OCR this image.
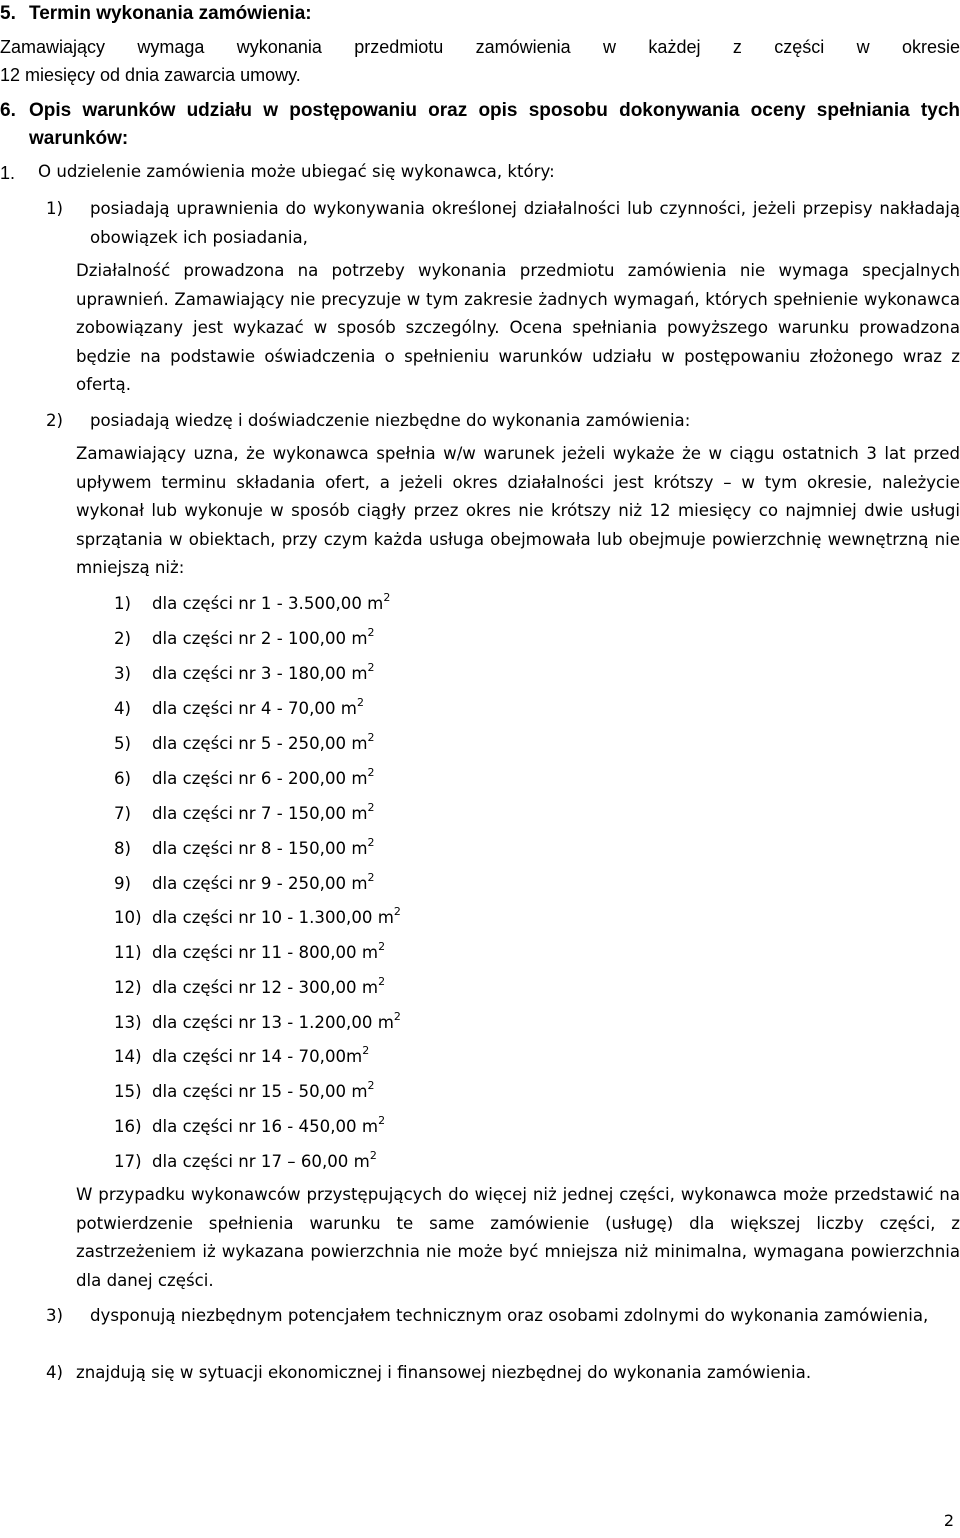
5. Termin wykonania zamówienia:
Zamawiający wymaga wykonania przedmiotu zamówienia w każdej z części w okresie
12 miesięcy od dnia zawarcia umowy.
6. Opis warunków udziału w postępowaniu oraz opis sposobu dokonywania oceny spełniania tych warunków:
1. O udzielenie zamówienia może ubiegać się wykonawca, który:
1) posiadają uprawnienia do wykonywania określonej działalności lub czynności, jeżeli przepisy nakładają obowiązek ich posiadania,
Działalność prowadzona na potrzeby wykonania przedmiotu zamówienia nie wymaga specjalnych uprawnień. Zamawiający nie precyzuje w tym zakresie żadnych wymagań, których spełnienie wykonawca zobowiązany jest wykazać w sposób szczególny. Ocena spełniania powyższego warunku prowadzona będzie na podstawie oświadczenia o spełnieniu warunków udziału w postępowaniu złożonego wraz z ofertą.
2) posiadają wiedzę i doświadczenie niezbędne do wykonania zamówienia:
Zamawiający uzna, że wykonawca spełnia w/w warunek jeżeli wykaże że w ciągu ostatnich 3 lat przed upływem terminu składania ofert, a jeżeli okres działalności jest krótszy – w tym okresie, należycie wykonał lub wykonuje w sposób ciągły przez okres nie krótszy niż 12 miesięcy co najmniej dwie usługi sprzątania w obiektach, przy czym każda usługa obejmowała lub obejmuje powierzchnię wewnętrzną nie mniejszą niż:
1) dla części nr 1 - 3.500,00 $m^2$
2) dla części nr 2 - 100,00 $m^2$
3) dla części nr 3 - 180,00 $m^2$
4) dla części nr 4 - 70,00 $m^2$
5) dla części nr 5 - 250,00 $m^2$
6) dla części nr 6 - 200,00 $m^2$
7) dla części nr 7 - 150,00 $m^2$
8) dla części nr 8 - 150,00 $m^2$
9) dla części nr 9 - 250,00 $m^2$
10) dla części nr 10 - 1.300,00 $m^2$
11) dla części nr 11 - 800,00 $m^2$
12) dla części nr 12 - 300,00 $m^2$
13) dla części nr 13 - 1.200,00 $m^2$
14) dla części nr $14 - 70,00m^2$
15) dla części nr 15 - 50,00 $m^2$
16) dla części nr 16 - 450,00 $m^2$
17) dla części nr 17 – 60,00 $m^2$
W przypadku wykonawców przystępujących do więcej niż jednej części, wykonawca może przedstawić na potwierdzenie spełnienia warunku te same zamówienie (usługę) dla większej liczby części, z zastrzeżeniem iż wykazana powierzchnia nie może być mniejsza niż minimalna, wymagana powierzchnia dla danej części.
3) dysponują niezbędnym potencjałem technicznym oraz osobami zdolnymi do wykonania zamówienia,
4) znajdują się w sytuacji ekonomicznej i finansowej niezbędnej do wykonania zamówienia.
2
